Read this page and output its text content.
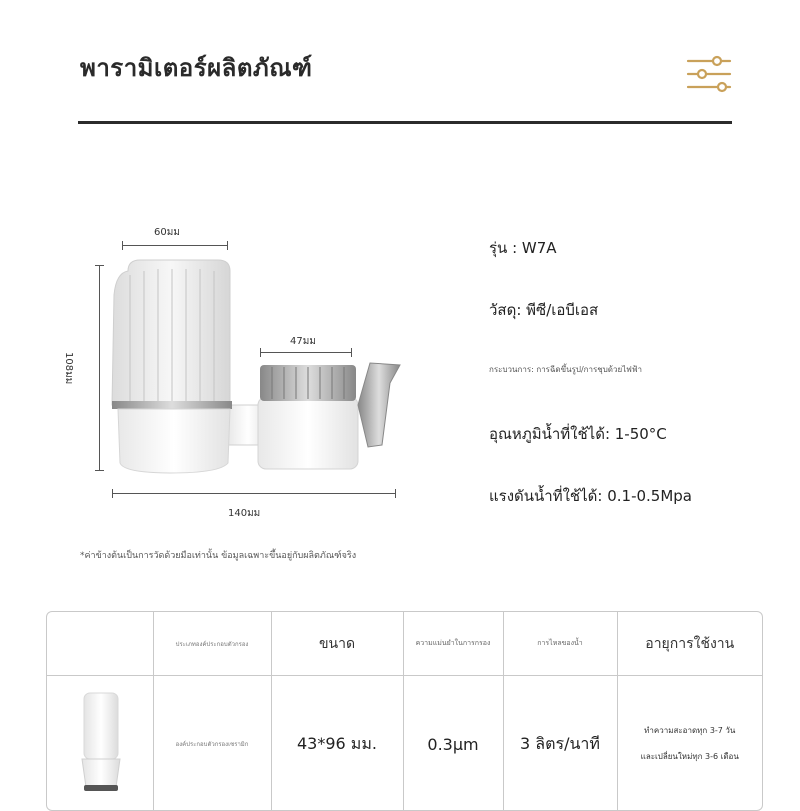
พารามิเตอร์ผลิตภัณฑ์
60มม
108มม
47มม
140มม
รุ่น : W7A
วัสดุ: พีซี/เอบีเอส
กระบวนการ: การฉีดขึ้นรูป/การชุบด้วยไฟฟ้า
อุณหภูมิน้ำที่ใช้ได้: 1-50°C
แรงดันน้ำที่ใช้ได้: 0.1-0.5Mpa
*ค่าข้างต้นเป็นการวัดด้วยมือเท่านั้น ข้อมูลเฉพาะขึ้นอยู่กับผลิตภัณฑ์จริง
	ประเภทองค์ประกอบตัวกรอง	ขนาด	ความแม่นยำในการกรอง	การไหลของน้ำ	อายุการใช้งาน
	องค์ประกอบตัวกรองเซรามิก	43*96 มม.	0.3μm	3 ลิตร/นาที	ทำความสะอาดทุก 3-7 วัน
และเปลี่ยนใหม่ทุก 3-6 เดือน
